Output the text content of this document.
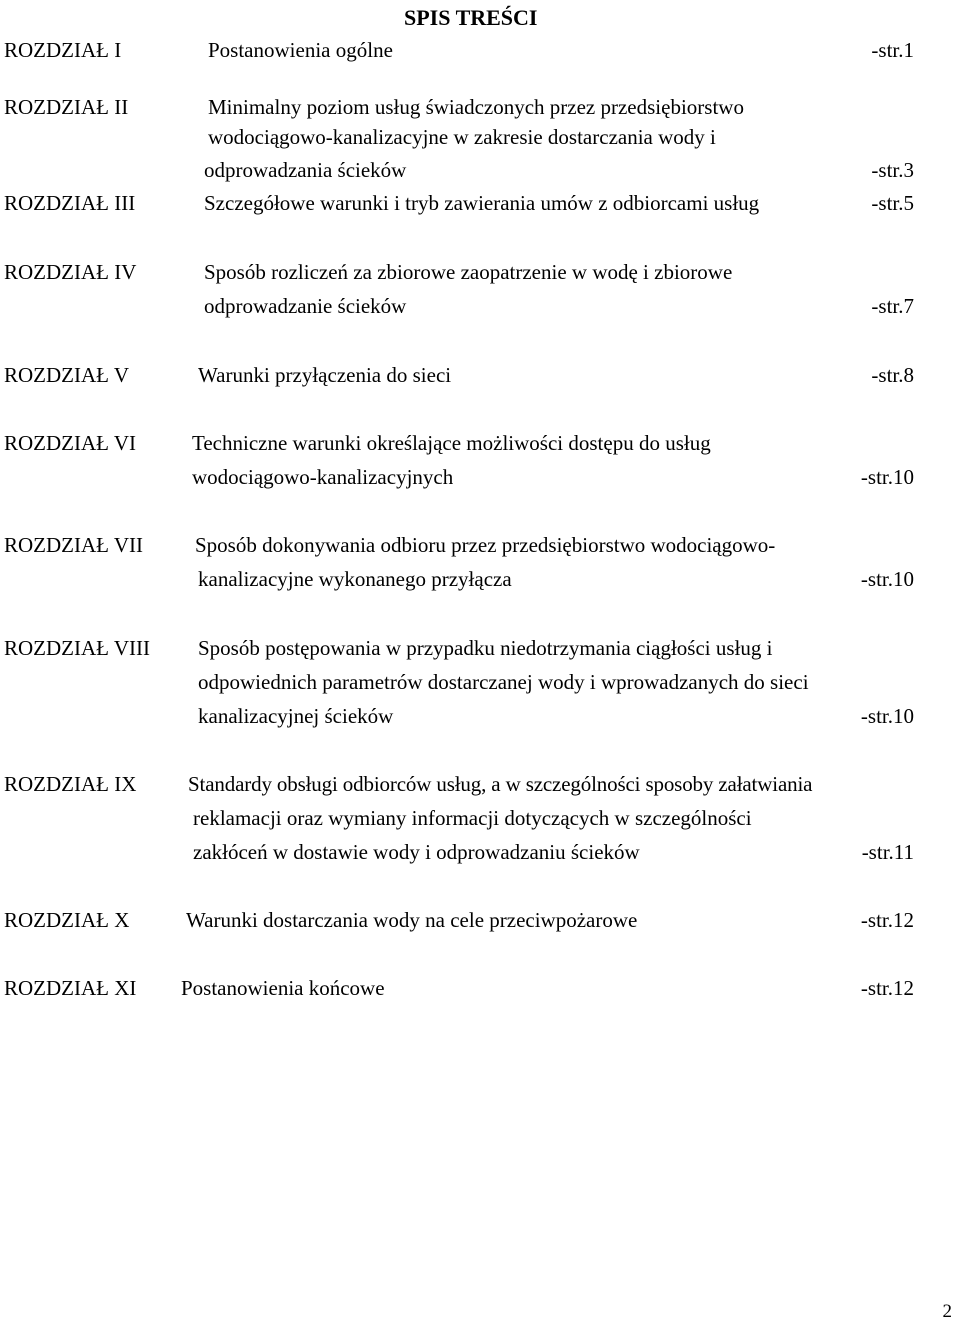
SPIS TREŚCI
ROZDZIAŁ I	Postanowienia ogólne	-str.1
ROZDZIAŁ II	Minimalny poziom usług świadczonych przez przedsiębiorstwo
wodociągowo-kanalizacyjne w zakresie dostarczania wody i
odprowadzania ścieków	-str.3
ROZDZIAŁ III	Szczegółowe warunki i tryb zawierania umów z odbiorcami usług	-str.5
ROZDZIAŁ IV	Sposób rozliczeń za zbiorowe zaopatrzenie w wodę i zbiorowe
odprowadzanie ścieków	-str.7
ROZDZIAŁ V	Warunki przyłączenia do sieci	-str.8
ROZDZIAŁ VI	Techniczne warunki określające możliwości dostępu do usług
wodociągowo-kanalizacyjnych	-str.10
ROZDZIAŁ VII Sposób dokonywania odbioru przez przedsiębiorstwo wodociągowo-
kanalizacyjne wykonanego przyłącza	-str.10
ROZDZIAŁ VIII Sposób postępowania w przypadku niedotrzymania ciągłości usług i
odpowiednich parametrów dostarczanej wody i wprowadzanych do sieci
kanalizacyjnej ścieków	-str.10
ROZDZIAŁ IX Standardy obsługi odbiorców usług, a w szczególności sposoby załatwiania
reklamacji oraz wymiany informacji dotyczących w szczególności
zakłóceń w dostawie wody i odprowadzaniu ścieków	-str.11
ROZDZIAŁ X	Warunki dostarczania wody na cele przeciwpożarowe	-str.12
ROZDZIAŁ XI Postanowienia końcowe	-str.12
2
